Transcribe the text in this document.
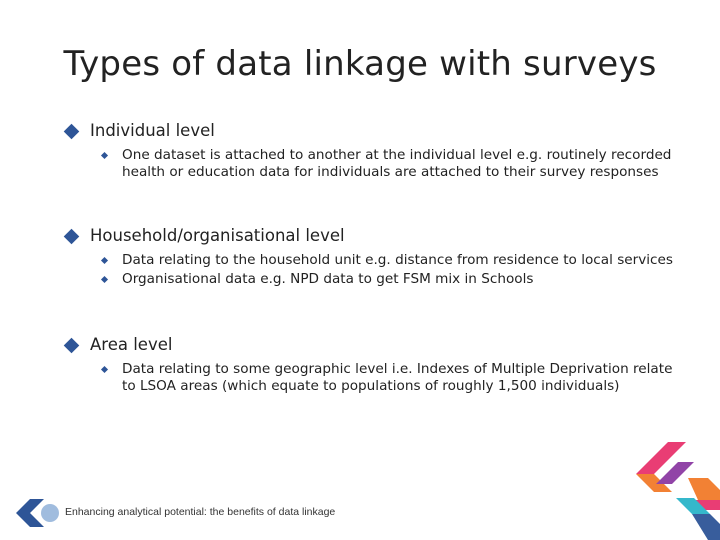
Types of data linkage with surveys
Individual level
One dataset is attached to another at the individual level e.g. routinely recorded health or education data for individuals are attached to their survey responses
Household/organisational level
Data relating to the household unit e.g. distance from residence to local services
Organisational data e.g. NPD data to get FSM mix in Schools
Area level
Data relating to some geographic level i.e. Indexes of Multiple Deprivation relate to LSOA areas (which equate to populations of roughly 1,500 individuals)
Enhancing analytical potential: the benefits of data linkage
